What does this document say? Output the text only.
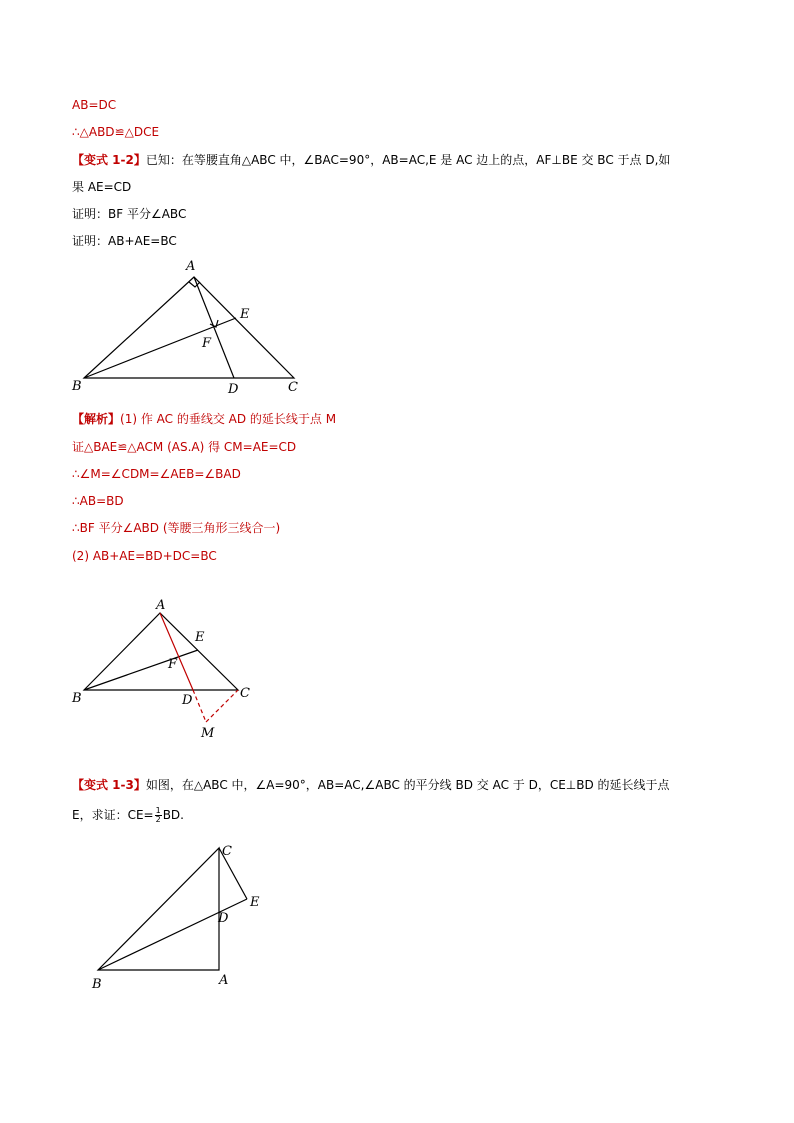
AB=DC
∴△ABD≌△DCE
【变式 1-2】已知：在等腰直角△ABC 中，∠BAC=90°，AB=AC,E 是 AC 边上的点，AF⊥BE 交 BC 于点 D,如
果 AE=CD
证明：BF 平分∠ABC
证明：AB+AE=BC
A
B	C
D
E
F
【解析】(1) 作 AC 的垂线交 AD 的延长线于点 M
证△BAE≌△ACM (AS.A) 得 CM=AE=CD
∴∠M=∠CDM=∠AEB=∠BAD
∴AB=BD
∴BF 平分∠ABD (等腰三角形三线合一)
(2) AB+AE=BD+DC=BC
A
B	C
D
E
F
M
【变式 1-3】如图，在△ABC 中，∠A=90°，AB=AC,∠ABC 的平分线 BD 交 AC 于 D，CE⊥BD 的延长线于点
E，求证：$CE= \frac{1}{2}$ BD.
C
E
D
B	A
